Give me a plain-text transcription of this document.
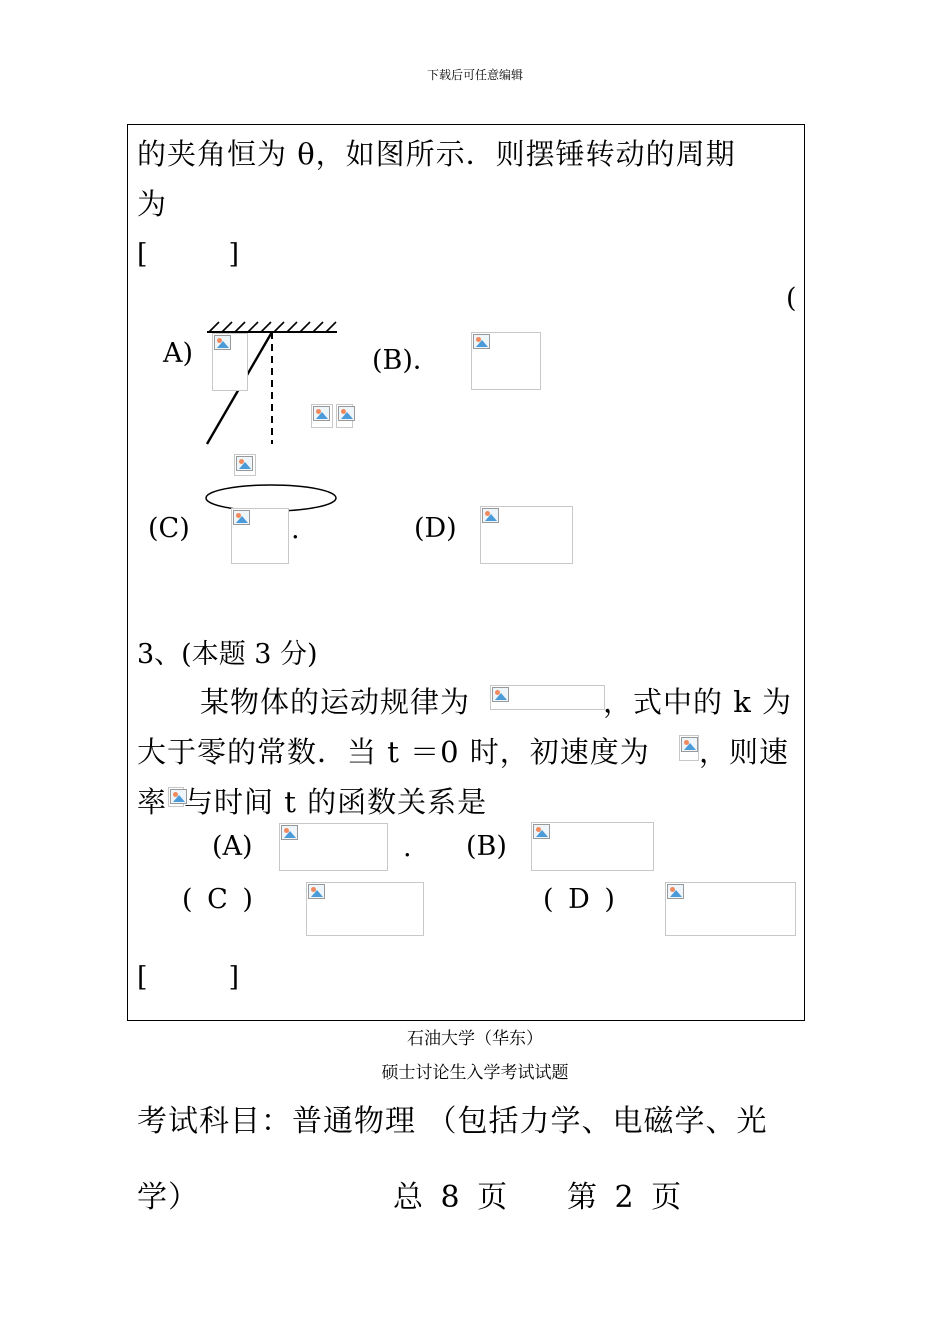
下载后可任意编辑
的夹角恒为 θ，如图所示．则摆锤转动的周期
为
[　　　]
(
A)	(B)．
(C)	.	(D)
3、(本题 3 分)
某物体的运动规律为	，式中的 k 为
大于零的常数．当 t ＝0 时，初速度为 ，则速
率 与时间 t 的函数关系是
(A)	. (B)
( C )	( D )
[　　　]
石油大学（华东）
硕士讨论生入学考试试题
考试科目：普通物理 （包括力学、电磁学、光
学）	总 8 页 第 2 页
